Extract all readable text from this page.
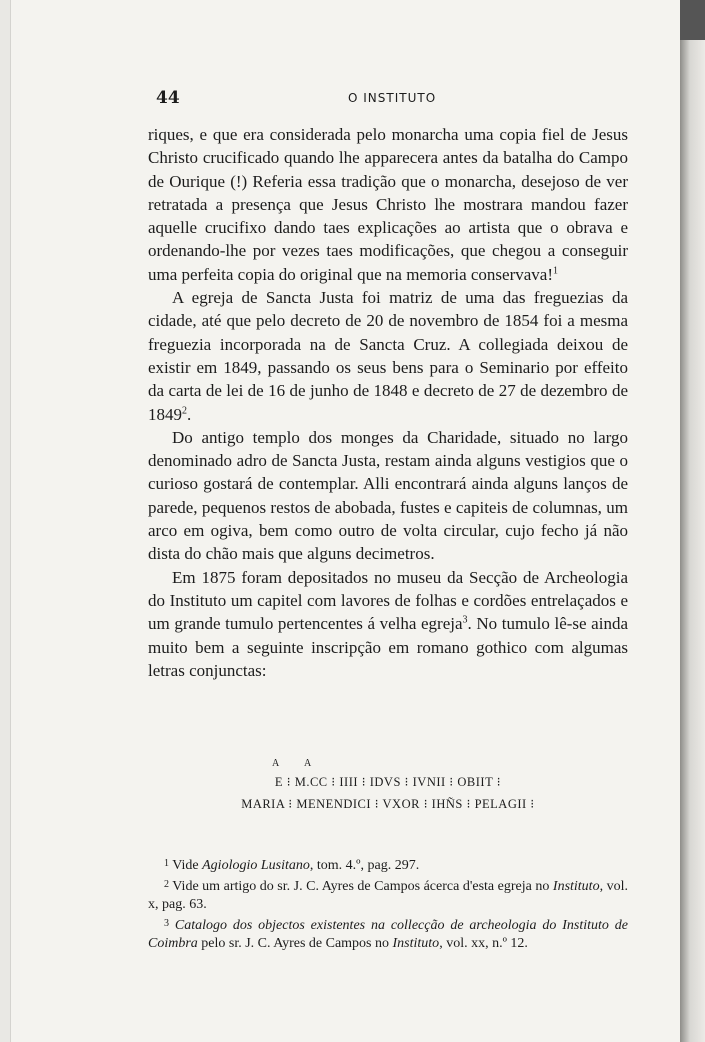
44	O INSTITUTO

riques, e que era considerada pelo monarcha uma copia fiel de Jesus Christo crucificado quando lhe apparecera antes da batalha do Campo de Ourique (!) Referia essa tradição que o monarcha, desejoso de ver retratada a presença que Jesus Christo lhe mostrara mandou fazer aquelle crucifixo dando taes explicações ao artista que o obrava e ordenando-lhe por vezes taes modificações, que chegou a conseguir uma perfeita copia do original que na memoria conservava!$^1$

A egreja de Sancta Justa foi matriz de uma das freguezias da cidade, até que pelo decreto de 20 de novembro de 1854 foi a mesma freguezia incorporada na de Sancta Cruz. A collegiada deixou de existir em 1849, passando os seus bens para o Seminario por effeito da carta de lei de 16 de junho de 1848 e decreto de 27 de dezembro de 1849$^2$.

Do antigo templo dos monges da Charidade, situado no largo denominado adro de Sancta Justa, restam ainda alguns vestigios que o curioso gostará de contemplar. Alli encontrará ainda alguns lanços de parede, pequenos restos de abobada, fustes e capiteis de columnas, um arco em ogiva, bem como outro de volta circular, cujo fecho já não dista do chão mais que alguns decimetros.

Em 1875 foram depositados no museu da Secção de Archeologia do Instituto um capitel com lavores de folhas e cordões entrelaçados e um grande tumulo pertencentes á velha egreja$^3$. No tumulo lê-se ainda muito bem a seguinte inscripção em romano gothico com algumas letras conjunctas:

A A
E ⁝ M.CC ⁝ IIII ⁝ IDVS ⁝ IVNII ⁝ OBIIT ⁝
MARIA ⁝ MENENDICI ⁝ VXOR ⁝ IHÑS ⁝ PELAGII ⁝

$^1$ Vide Agiologio Lusitano, tom. 4.º, pag. 297.

$^2$ Vide um artigo do sr. J. C. Ayres de Campos ácerca d'esta egreja no Instituto, vol. x, pag. 63.

$^3$ Catalogo dos objectos existentes na collecção de archeologia do Instituto de Coimbra pelo sr. J. C. Ayres de Campos no Instituto, vol. xx, n.º 12.
